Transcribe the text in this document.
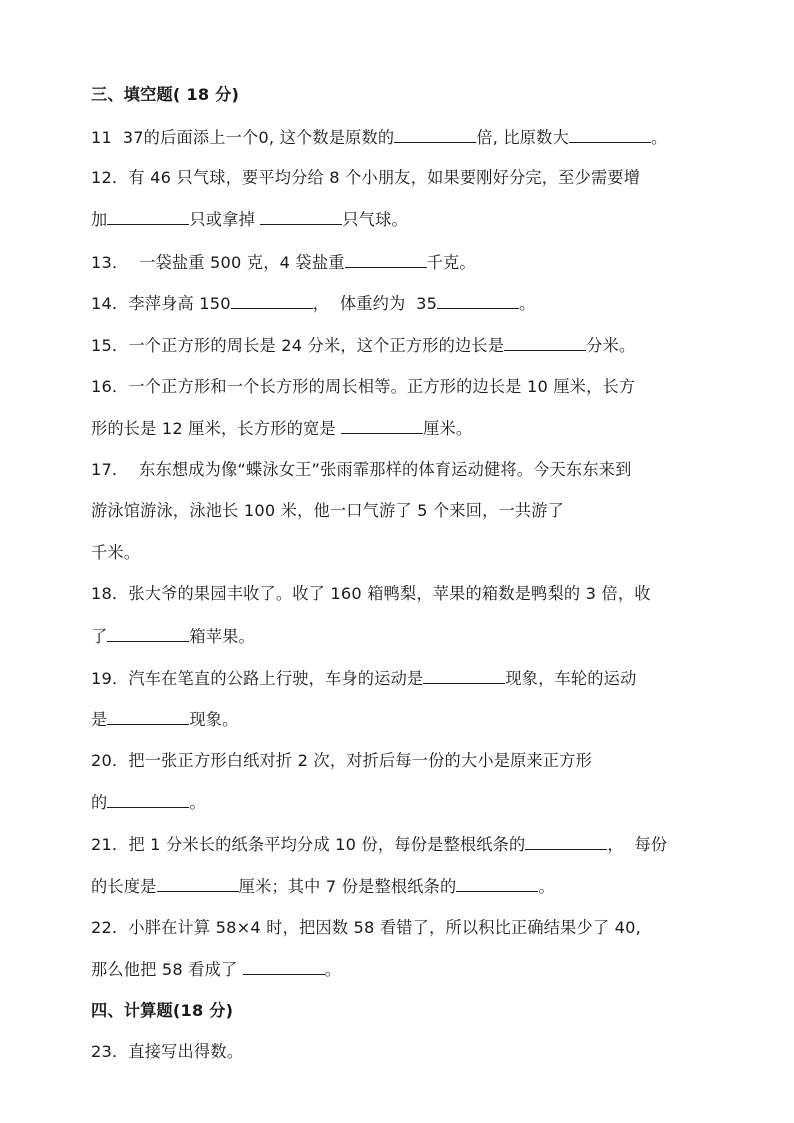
三、填空题( 18 分)
11  37的后面添上一个0, 这个数是原数的	倍, 比原数大	。
12．有 46 只气球，要平均分给 8 个小朋友，如果要刚好分完，至少需要增
加	只或拿掉	只气球。
13．  一袋盐重 500 克，4 袋盐重	千克。
14．李萍身高 150	，  体重约为  35	。
15．一个正方形的周长是 24 分米，这个正方形的边长是	分米。
16．一个正方形和一个长方形的周长相等。正方形的边长是 10 厘米，长方
形的长是 12 厘米，长方形的宽是	厘米。
17．  东东想成为像“蝶泳女王”张雨霏那样的体育运动健将。今天东东来到
游泳馆游泳，泳池长 100 米，他一口气游了 5 个来回，一共游了
千米。
18．张大爷的果园丰收了。收了 160 箱鸭梨，苹果的箱数是鸭梨的 3 倍，收
了	箱苹果。
19．汽车在笔直的公路上行驶，车身的运动是	现象，车轮的运动
是	现象。
20．把一张正方形白纸对折 2 次，对折后每一份的大小是原来正方形
的	。
21．把 1 分米长的纸条平均分成 10 份，每份是整根纸条的	，  每份
的长度是	厘米；其中 7 份是整根纸条的	。
22．小胖在计算 58×4 时，把因数 58 看错了，所以积比正确结果少了 40,
那么他把 58 看成了	。
四、计算题(18 分)
23．直接写出得数。
